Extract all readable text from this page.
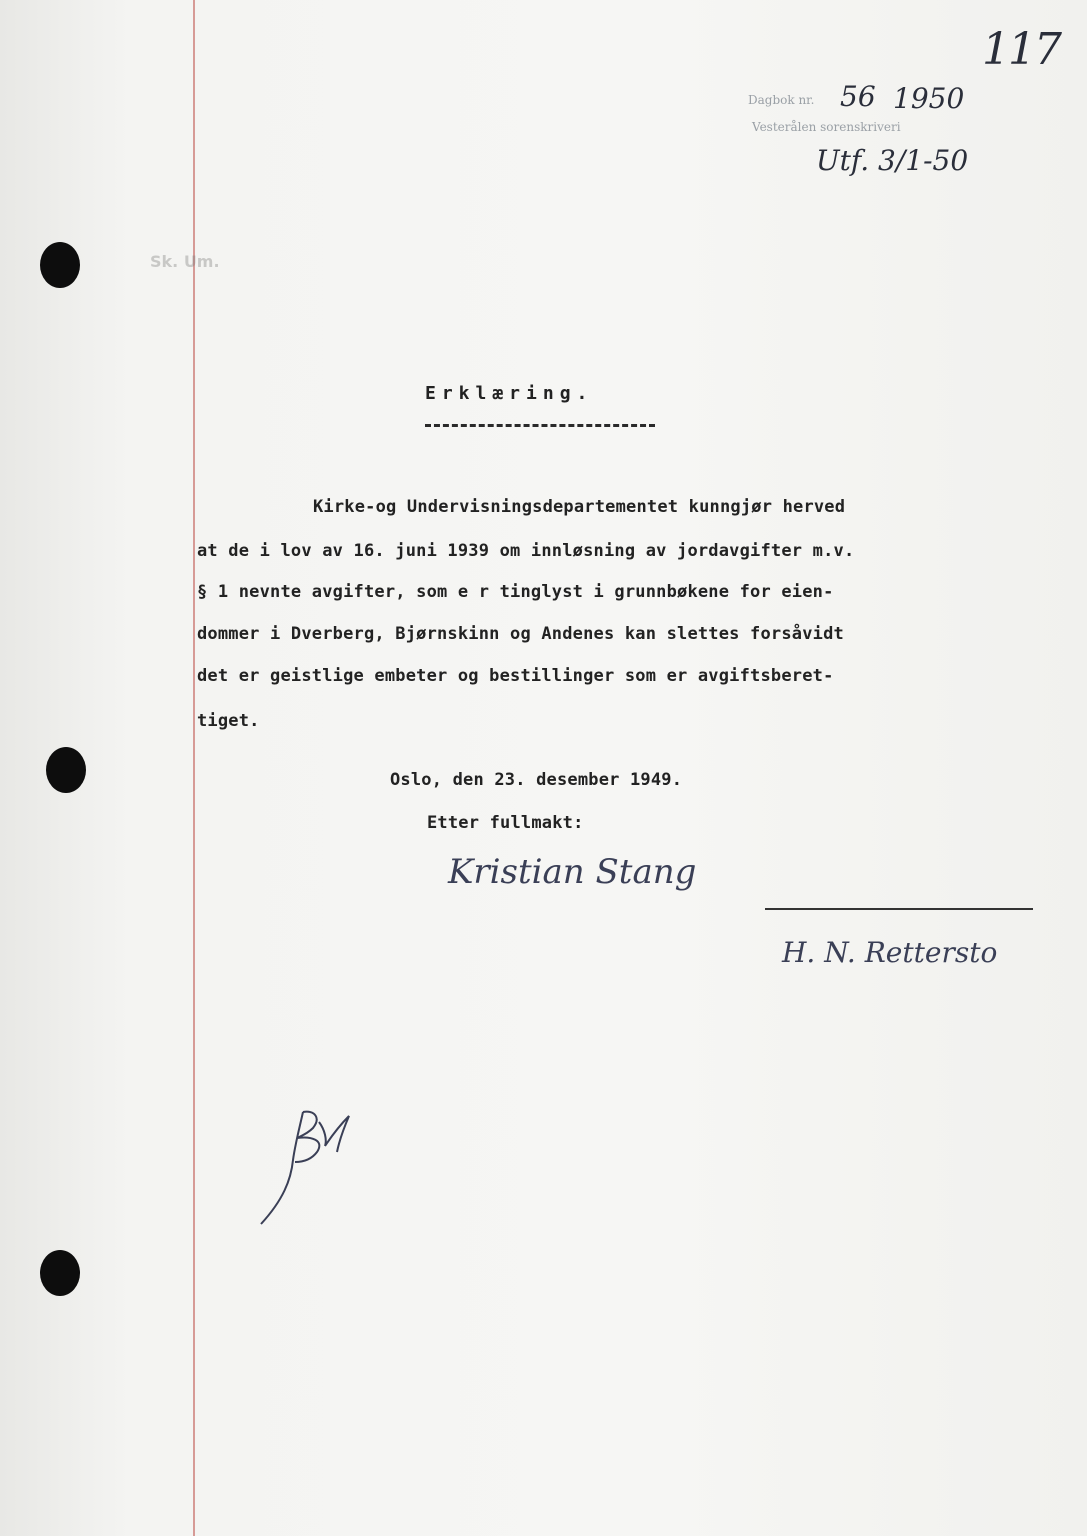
117
Dagbok nr. 56 1950
Vesterålen sorenskriveri
Utf. 3/1-50
Sk. Um.
Erklæring.
Kirke-og Undervisningsdepartementet kunngjør herved
at de i lov av 16. juni 1939 om innløsning av jordavgifter m.v.
§ 1 nevnte avgifter, som e r tinglyst i grunnbøkene for eien-
dommer i Dverberg, Bjørnskinn og Andenes kan slettes forsåvidt
det er geistlige embeter og bestillinger som er avgiftsberet-
tiget.
Oslo, den 23. desember 1949.
Etter fullmakt:
Kristian Stang
H. N. Rettersto
